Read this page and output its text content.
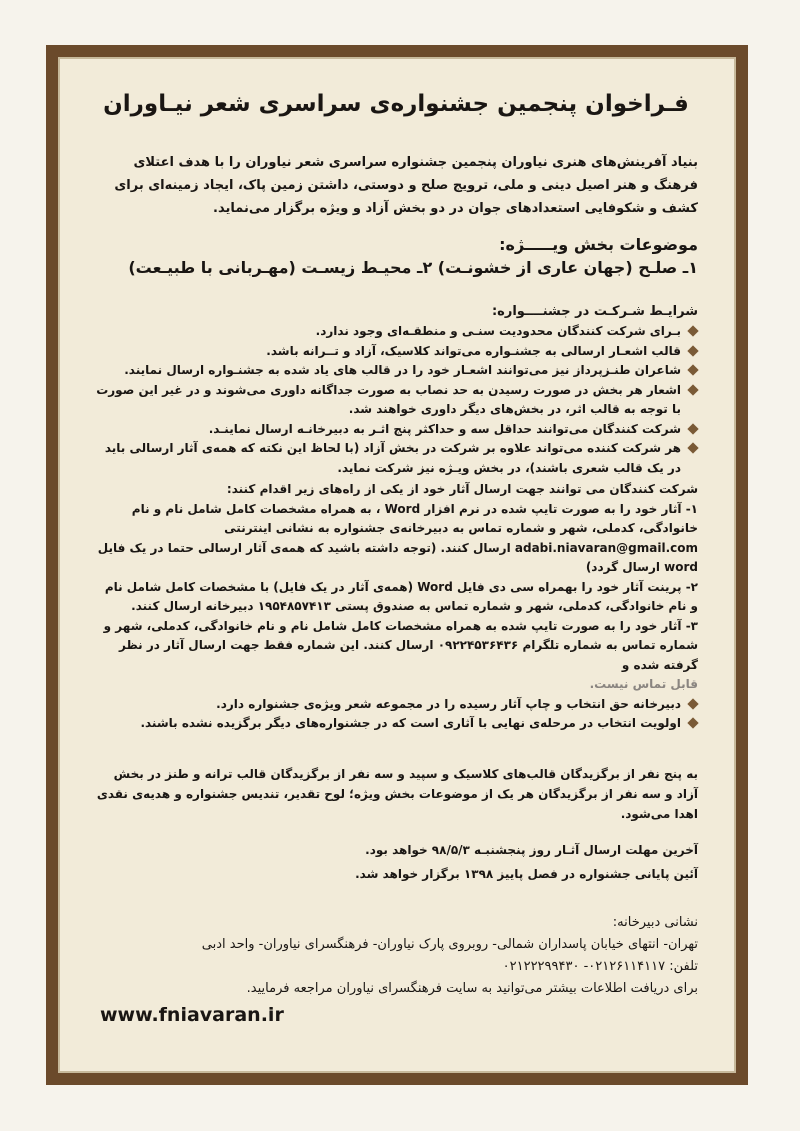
فـراخوان پنجمین جشنواره‌ی سراسری شعر نیـاوران

بنیاد آفرینش‌های هنری نیاوران پنجمین جشنواره سراسری شعر نیاوران را با هدف اعتلای فرهنگ و هنر اصیل دینی و ملی، ترویج صلح و دوستی، داشتن زمین پاک، ایجاد زمینه‌ای برای کشف و شکوفایی استعدادهای جوان در دو بخش آزاد و ویژه برگزار می‌نماید.

موضوعات بخش ویـــــژه:
۱ـ صلـح (جهان عاری از خشونـت) ۲ـ محیـط زیسـت (مهـربانی با طبیـعت)
شرایـط شـرکـت در جشنــــواره:
بـرای شرکت کنندگان محدودیت سنـی و منطقـه‌ای وجود ندارد.
قالب اشعـار ارسالی به جشنـواره می‌تواند کلاسیک، آزاد و تــرانه باشد.
شاعران طنـزپرداز نیز می‌توانند اشعـار خود را در قالب های یاد شده به جشنـواره ارسال نمایند.
اشعار هر بخش در صورت رسیدن به حد نصاب به صورت جداگانه داوری می‌شوند و در غیر این صورت با توجه به قالب اثر، در بخش‌های دیگر داوری خواهند شد.
شرکت کنندگان می‌توانند حداقل سه و حداکثر پنج اثـر به دبیرخانـه ارسال نماینـد.
هر شرکت کننده می‌تواند علاوه بر شرکت در بخش آزاد (با لحاظ این نکته که همه‌ی آثار ارسالی باید در یک قالب شعری باشند)، در بخش ویـژه نیز شرکت نماید.
شرکت کنندگان می توانند جهت ارسال آثار خود از یکی از راه‌های زیر اقدام کنند:
۱- آثار خود را به صورت تایپ شده در نرم افزار Word ، به همراه مشخصات کامل شامل نام و نام خانوادگی، کدملی، شهر و شماره تماس به دبیرخانه‌ی جشنواره به نشانی اینترنتی adabi.niavaran@gmail.com ارسال کنند. (توجه داشته باشید که همه‌ی آثار ارسالی حتما در یک فایل word ارسال گردد)
۲- پرینت آثار خود را بهمراه سی دی فایل Word (همه‌ی آثار در یک فایل) با مشخصات کامل شامل نام و نام خانوادگی، کدملی، شهر و شماره تماس به صندوق پستی ۱۹۵۴۸۵۷۴۱۳ دبیرخانه ارسال کنند.
۳- آثار خود را به صورت تایپ شده به همراه مشخصات کامل شامل نام و نام خانوادگی، کدملی، شهر و شماره تماس به شماره تلگرام ۰۹۲۲۴۵۳۶۴۳۶ ارسال کنند. این شماره فقط جهت ارسال آثار در نظر گرفته شده و
قابل تماس نیست.
دبیرخانه حق انتخاب و چاپ آثار رسیده را در مجموعه شعر ویژه‌ی جشنواره دارد.
اولویت انتخاب در مرحله‌ی نهایی با آثاری است که در جشنواره‌های دیگر برگزیده نشده باشند.

به پنج نفر از برگزیدگان قالب‌های کلاسیک و سپید و سه نفر از برگزیدگان قالب ترانه و طنز در بخش آزاد و سه نفر از برگزیدگان هر یک از موضوعات بخش ویژه؛ لوح تقدیر، تندیس جشنواره و هدیه‌ی نقدی اهدا می‌شود.

آخرین مهلت ارسال آثـار روز پنجشنبـه ۹۸/۵/۳ خواهد بود.

آئین پایانی جشنواره در فصل پاییز ۱۳۹۸ برگزار خواهد شد.

نشانی دبیرخانه:
تهران- انتهای خیابان پاسداران شمالی- روبروی پارک نیاوران- فرهنگسرای نیاوران- واحد ادبی
تلفن: ۰۲۱۲۶۱۱۴۱۱۷- ۰۲۱۲۲۲۹۹۴۳۰
برای دریافت اطلاعات بیشتر می‌توانید به سایت فرهنگسرای نیاوران مراجعه فرمایید.
www.fniavaran.ir
